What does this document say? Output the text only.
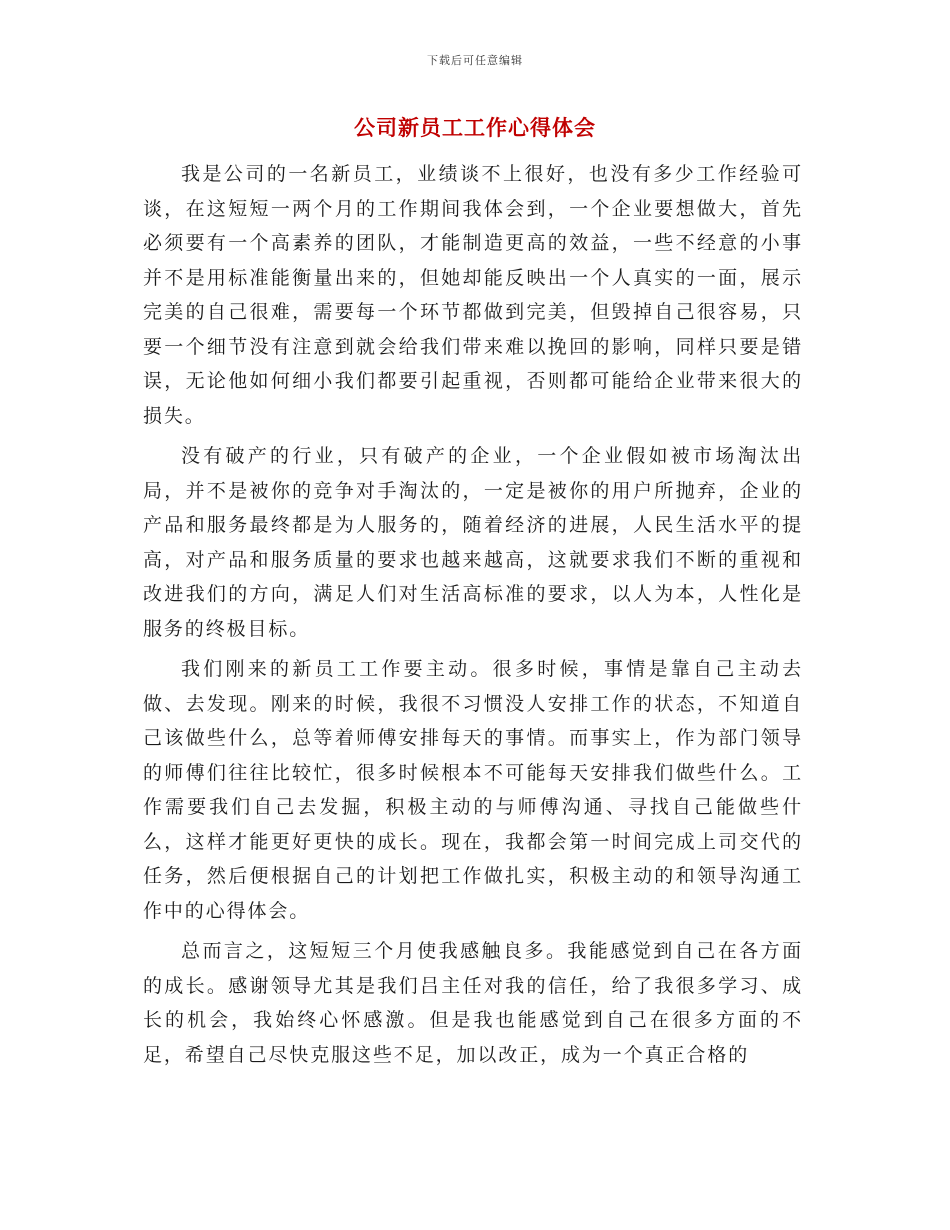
下载后可任意编辑
公司新员工工作心得体会

我是公司的一名新员工，业绩谈不上很好，也没有多少工作经验可谈，在这短短一两个月的工作期间我体会到，一个企业要想做大，首先必须要有一个高素养的团队，才能制造更高的效益，一些不经意的小事并不是用标准能衡量出来的，但她却能反映出一个人真实的一面，展示完美的自己很难，需要每一个环节都做到完美，但毁掉自己很容易，只要一个细节没有注意到就会给我们带来难以挽回的影响，同样只要是错误，无论他如何细小我们都要引起重视，否则都可能给企业带来很大的损失。

没有破产的行业，只有破产的企业，一个企业假如被市场淘汰出局，并不是被你的竞争对手淘汰的，一定是被你的用户所抛弃，企业的产品和服务最终都是为人服务的，随着经济的进展，人民生活水平的提高，对产品和服务质量的要求也越来越高，这就要求我们不断的重视和改进我们的方向，满足人们对生活高标准的要求，以人为本，人性化是服务的终极目标。

我们刚来的新员工工作要主动。很多时候，事情是靠自己主动去做、去发现。刚来的时候，我很不习惯没人安排工作的状态，不知道自己该做些什么，总等着师傅安排每天的事情。而事实上，作为部门领导的师傅们往往比较忙，很多时候根本不可能每天安排我们做些什么。工作需要我们自己去发掘，积极主动的与师傅沟通、寻找自己能做些什么，这样才能更好更快的成长。现在，我都会第一时间完成上司交代的任务，然后便根据自己的计划把工作做扎实，积极主动的和领导沟通工作中的心得体会。

总而言之，这短短三个月使我感触良多。我能感觉到自己在各方面的成长。感谢领导尤其是我们吕主任对我的信任，给了我很多学习、成长的机会，我始终心怀感激。但是我也能感觉到自己在很多方面的不足，希望自己尽快克服这些不足，加以改正，成为一个真正合格的
